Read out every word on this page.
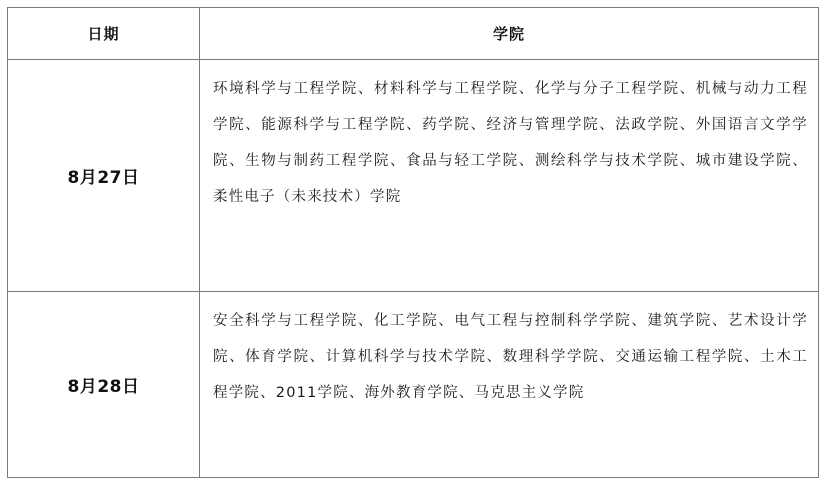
日期	学院
8月27日
环境科学与工程学院、材料科学与工程学院、化学与分子工程学院、机械与动力工程学院、能源科学与工程学院、药学院、经济与管理学院、法政学院、外国语言文学学院、生物与制药工程学院、食品与轻工学院、测绘科学与技术学院、城市建设学院、柔性电子（未来技术）学院
8月28日
安全科学与工程学院、化工学院、电气工程与控制科学学院、建筑学院、艺术设计学院、体育学院、计算机科学与技术学院、数理科学学院、交通运输工程学院、土木工程学院、2011学院、海外教育学院、马克思主义学院
